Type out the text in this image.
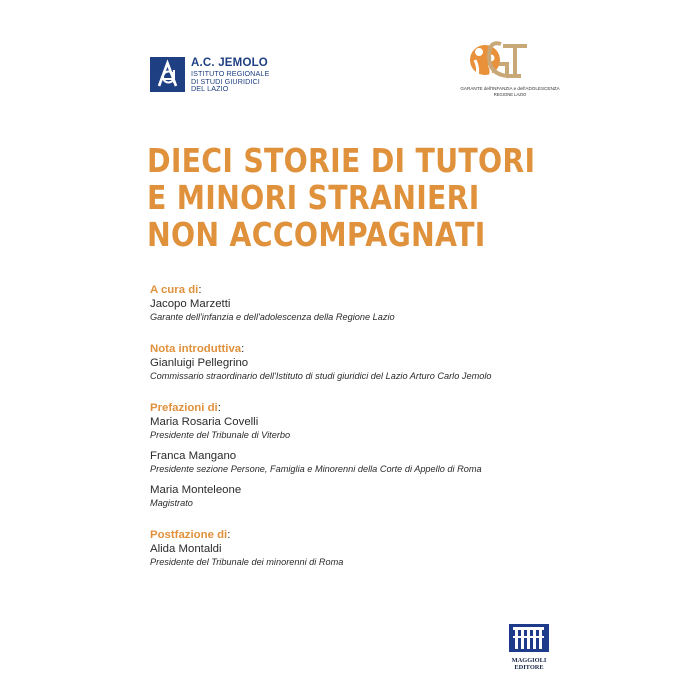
A.C. JEMOLO
ISTITUTO REGIONALE
DI STUDI GIURIDICI
DEL LAZIO	GARANTE dell'INFANZIA e dell'ADOLESCENZA
REGIONE LAZIO
DIECI STORIE DI TUTORI
E MINORI STRANIERI
NON ACCOMPAGNATI
A cura di:
Jacopo Marzetti
Garante dell'infanzia e dell'adolescenza della Regione Lazio
Nota introduttiva:
Gianluigi Pellegrino
Commissario straordinario dell'Istituto di studi giuridici del Lazio Arturo Carlo Jemolo
Prefazioni di:
Maria Rosaria Covelli
Presidente del Tribunale di Viterbo
Franca Mangano
Presidente sezione Persone, Famiglia e Minorenni della Corte di Appello di Roma
Maria Monteleone
Magistrato
Postfazione di:
Alida Montaldi
Presidente del Tribunale dei minorenni di Roma
MAGGIOLI
EDITORE
